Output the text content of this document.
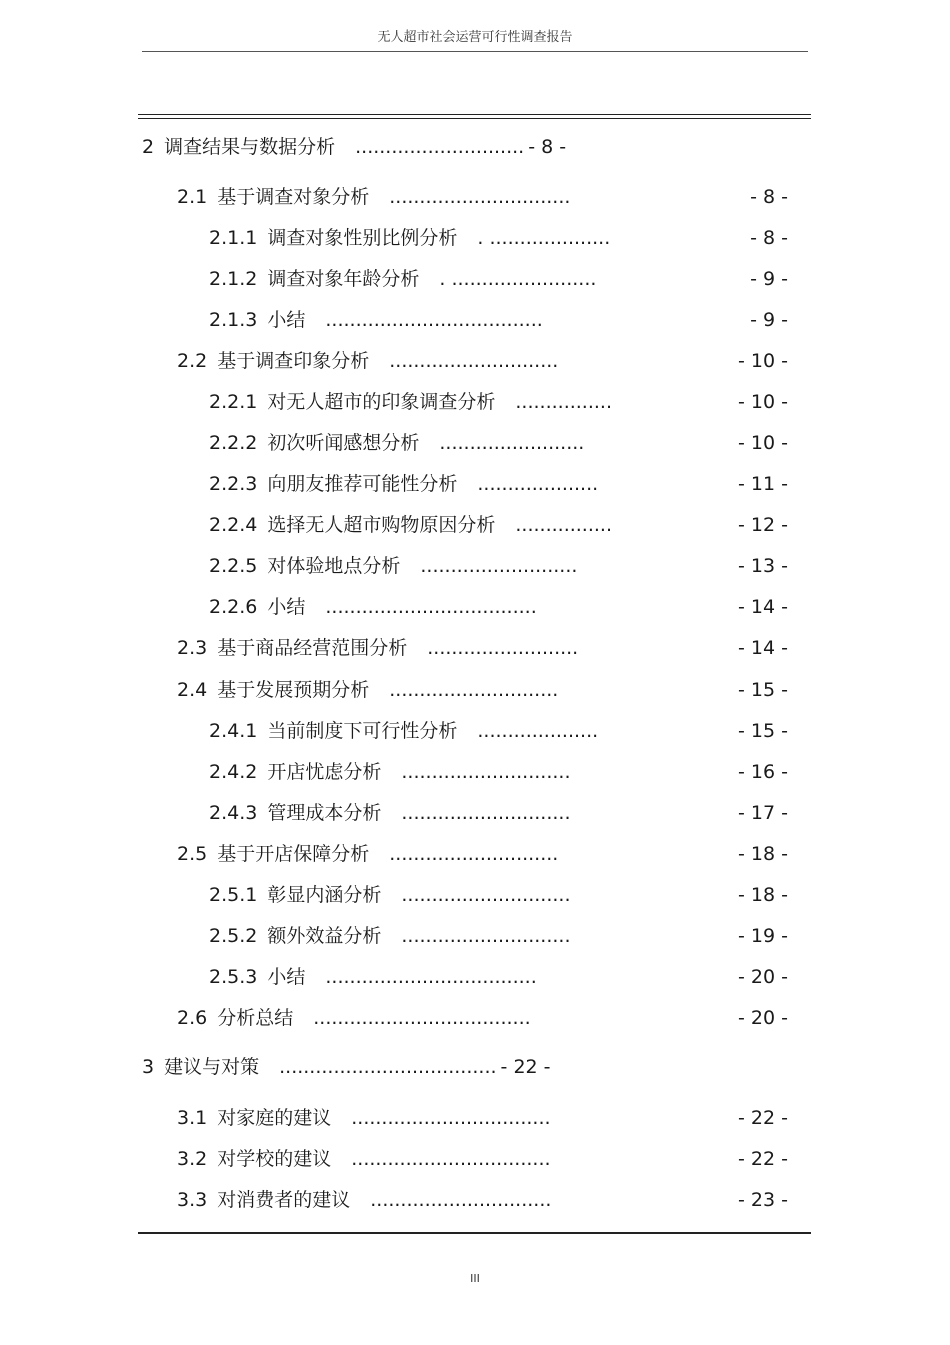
无人超市社会运营可行性调查报告
2 调查结果与数据分析 ............................ - 8 -
2.1 基于调查对象分析 ..............................	- 8 -
2.1.1 调查对象性别比例分析 . ....................	- 8 -
2.1.2 调查对象年龄分析 . ........................	- 9 -
2.1.3 小结 ....................................	- 9 -
2.2 基于调查印象分析 ............................	- 10 -
2.2.1 对无人超市的印象调查分析 ................	- 10 -
2.2.2 初次听闻感想分析 ........................	- 10 -
2.2.3 向朋友推荐可能性分析 ....................	- 11 -
2.2.4 选择无人超市购物原因分析 ................	- 12 -
2.2.5 对体验地点分析 ..........................	- 13 -
2.2.6 小结 ...................................	- 14 -
2.3 基于商品经营范围分析 .........................	- 14 -
2.4 基于发展预期分析 ............................	- 15 -
2.4.1 当前制度下可行性分析 ....................	- 15 -
2.4.2 开店忧虑分析 ............................	- 16 -
2.4.3 管理成本分析 ............................	- 17 -
2.5 基于开店保障分析 ............................	- 18 -
2.5.1 彰显内涵分析 ............................	- 18 -
2.5.2 额外效益分析 ............................	- 19 -
2.5.3 小结 ...................................	- 20 -
2.6 分析总结 ....................................	- 20 -
3 建议与对策 .................................... - 22 -
3.1 对家庭的建议 .................................	- 22 -
3.2 对学校的建议 .................................	- 22 -
3.3 对消费者的建议 ..............................	- 23 -
III
